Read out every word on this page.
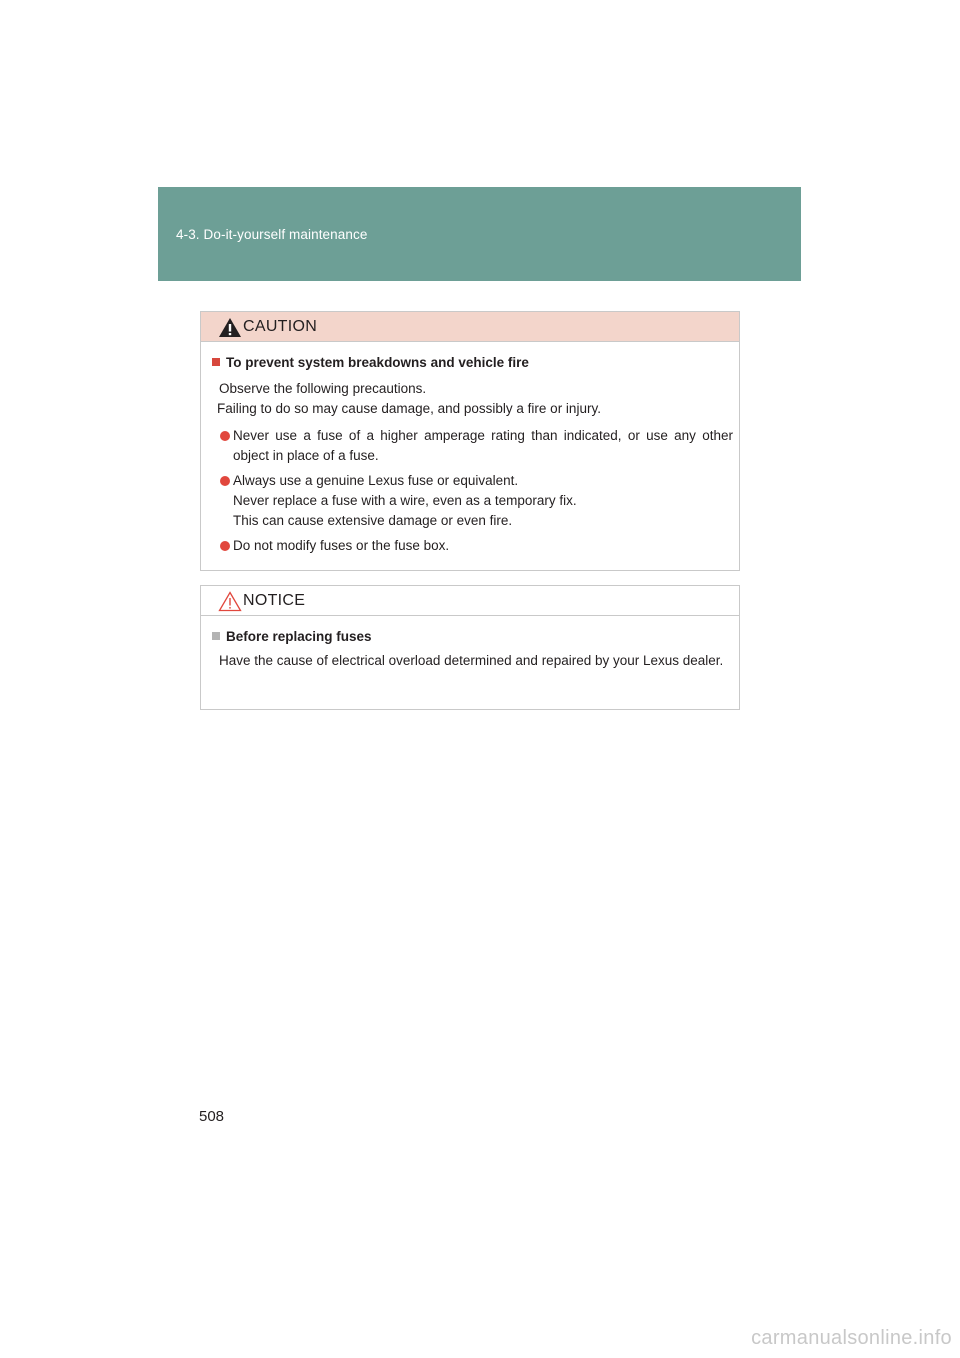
4-3. Do-it-yourself maintenance
CAUTION
To prevent system breakdowns and vehicle fire
Observe the following precautions.
Failing to do so may cause damage, and possibly a fire or injury.
Never use a fuse of a higher amperage rating than indicated, or use any other object in place of a fuse.
Always use a genuine Lexus fuse or equivalent.
Never replace a fuse with a wire, even as a temporary fix.
This can cause extensive damage or even fire.
Do not modify fuses or the fuse box.
NOTICE
Before replacing fuses
Have the cause of electrical overload determined and repaired by your Lexus dealer.
508
carmanualsonline.info
